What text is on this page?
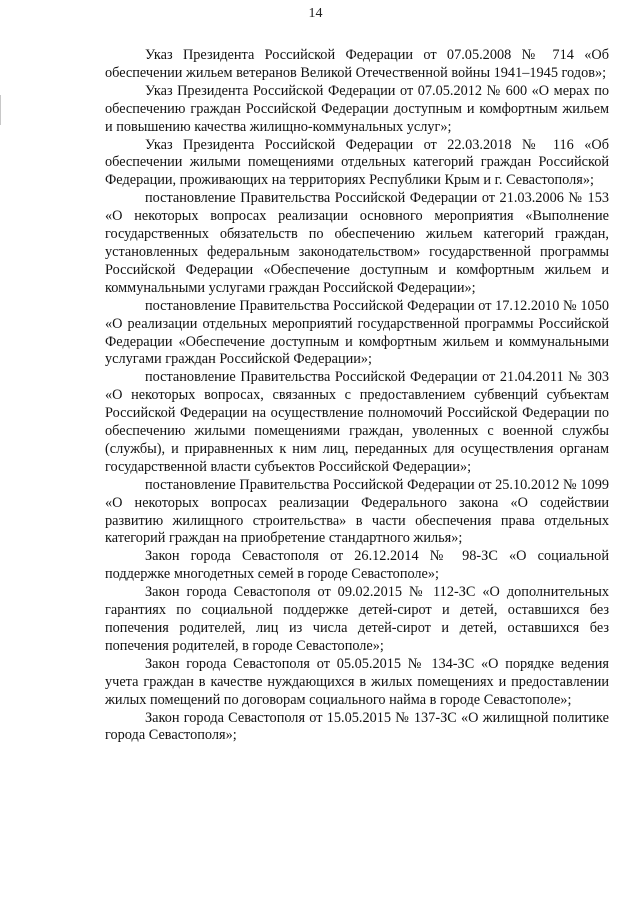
14

Указ Президента Российской Федерации от 07.05.2008 № 714 «Об обеспечении жильем ветеранов Великой Отечественной войны 1941–1945 годов»;

Указ Президента Российской Федерации от 07.05.2012 № 600 «О мерах по обеспечению граждан Российской Федерации доступным и комфортным жильем и повышению качества жилищно-коммунальных услуг»;

Указ Президента Российской Федерации от 22.03.2018 № 116 «Об обеспечении жилыми помещениями отдельных категорий граждан Российской Федерации, проживающих на территориях Республики Крым и г. Севастополя»;

постановление Правительства Российской Федерации от 21.03.2006 № 153 «О некоторых вопросах реализации основного мероприятия «Выполнение государственных обязательств по обеспечению жильем категорий граждан, установленных федеральным законодательством» государственной программы Российской Федерации «Обеспечение доступным и комфортным жильем и коммунальными услугами граждан Российской Федерации»;

постановление Правительства Российской Федерации от 17.12.2010 № 1050 «О реализации отдельных мероприятий государственной программы Российской Федерации «Обеспечение доступным и комфортным жильем и коммунальными услугами граждан Российской Федерации»;

постановление Правительства Российской Федерации от 21.04.2011 № 303 «О некоторых вопросах, связанных с предоставлением субвенций субъектам Российской Федерации на осуществление полномочий Российской Федерации по обеспечению жилыми помещениями граждан, уволенных с военной службы (службы), и приравненных к ним лиц, переданных для осуществления органам государственной власти субъектов Российской Федерации»;

постановление Правительства Российской Федерации от 25.10.2012 № 1099 «О некоторых вопросах реализации Федерального закона «О содействии развитию жилищного строительства» в части обеспечения права отдельных категорий граждан на приобретение стандартного жилья»;

Закон города Севастополя от 26.12.2014 № 98-ЗС «О социальной поддержке многодетных семей в городе Севастополе»;

Закон города Севастополя от 09.02.2015 № 112-ЗС «О дополнительных гарантиях по социальной поддержке детей-сирот и детей, оставшихся без попечения родителей, лиц из числа детей-сирот и детей, оставшихся без попечения родителей, в городе Севастополе»;

Закон города Севастополя от 05.05.2015 № 134-ЗС «О порядке ведения учета граждан в качестве нуждающихся в жилых помещениях и предоставлении жилых помещений по договорам социального найма в городе Севастополе»;

Закон города Севастополя от 15.05.2015 № 137-ЗС «О жилищной политике города Севастополя»;
